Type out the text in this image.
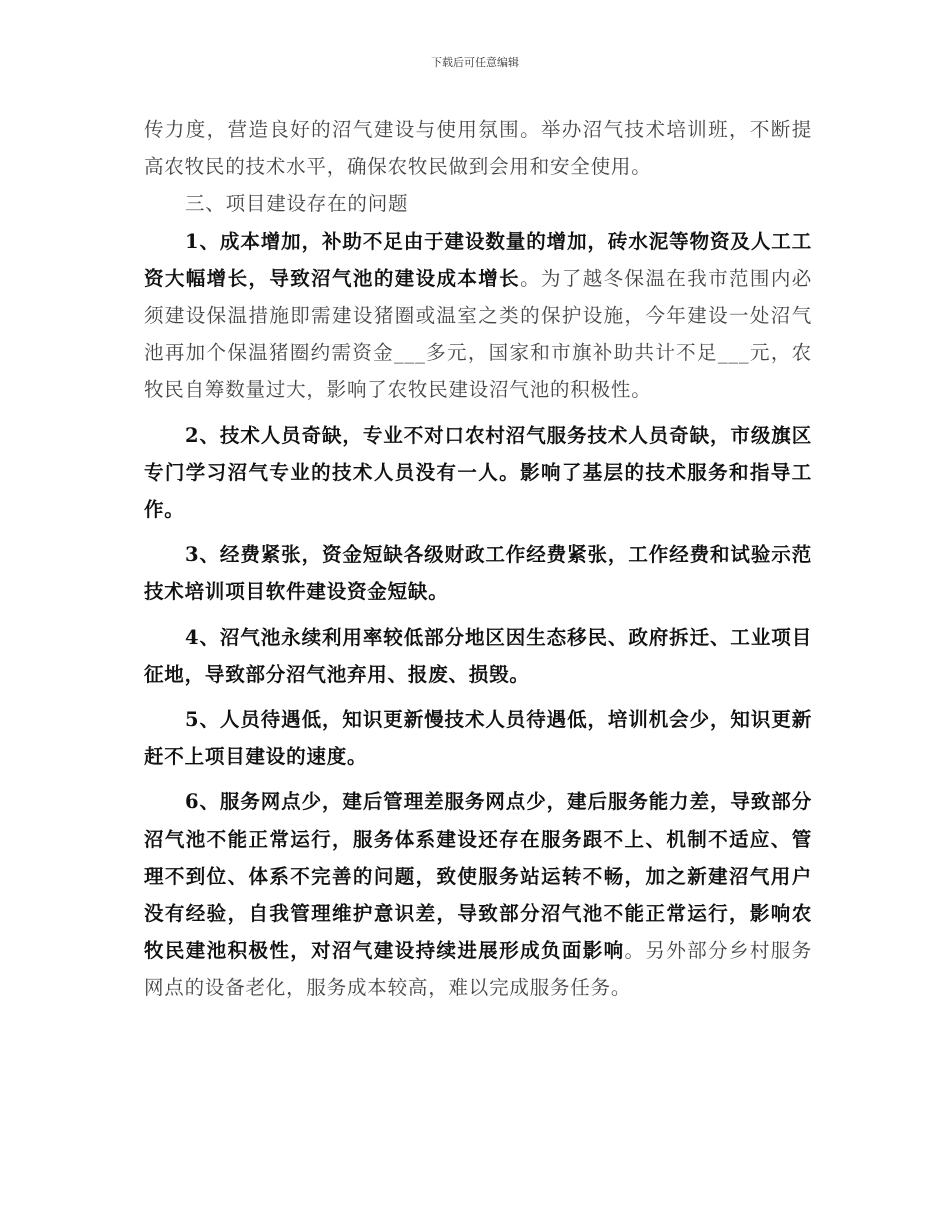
下载后可任意编辑

传力度，营造良好的沼气建设与使用氛围。举办沼气技术培训班，不断提高农牧民的技术水平，确保农牧民做到会用和安全使用。

三、项目建设存在的问题

1、成本增加，补助不足由于建设数量的增加，砖水泥等物资及人工工资大幅增长，导致沼气池的建设成本增长。为了越冬保温在我市范围内必须建设保温措施即需建设猪圈或温室之类的保护设施，今年建设一处沼气池再加个保温猪圈约需资金___多元，国家和市旗补助共计不足___元，农牧民自筹数量过大，影响了农牧民建设沼气池的积极性。

2、技术人员奇缺，专业不对口农村沼气服务技术人员奇缺，市级旗区专门学习沼气专业的技术人员没有一人。影响了基层的技术服务和指导工作。

3、经费紧张，资金短缺各级财政工作经费紧张，工作经费和试验示范技术培训项目软件建设资金短缺。

4、沼气池永续利用率较低部分地区因生态移民、政府拆迁、工业项目征地，导致部分沼气池弃用、报废、损毁。

5、人员待遇低，知识更新慢技术人员待遇低，培训机会少，知识更新赶不上项目建设的速度。

6、服务网点少，建后管理差服务网点少，建后服务能力差，导致部分沼气池不能正常运行，服务体系建设还存在服务跟不上、机制不适应、管理不到位、体系不完善的问题，致使服务站运转不畅，加之新建沼气用户没有经验，自我管理维护意识差，导致部分沼气池不能正常运行，影响农牧民建池积极性，对沼气建设持续进展形成负面影响。另外部分乡村服务网点的设备老化，服务成本较高，难以完成服务任务。
